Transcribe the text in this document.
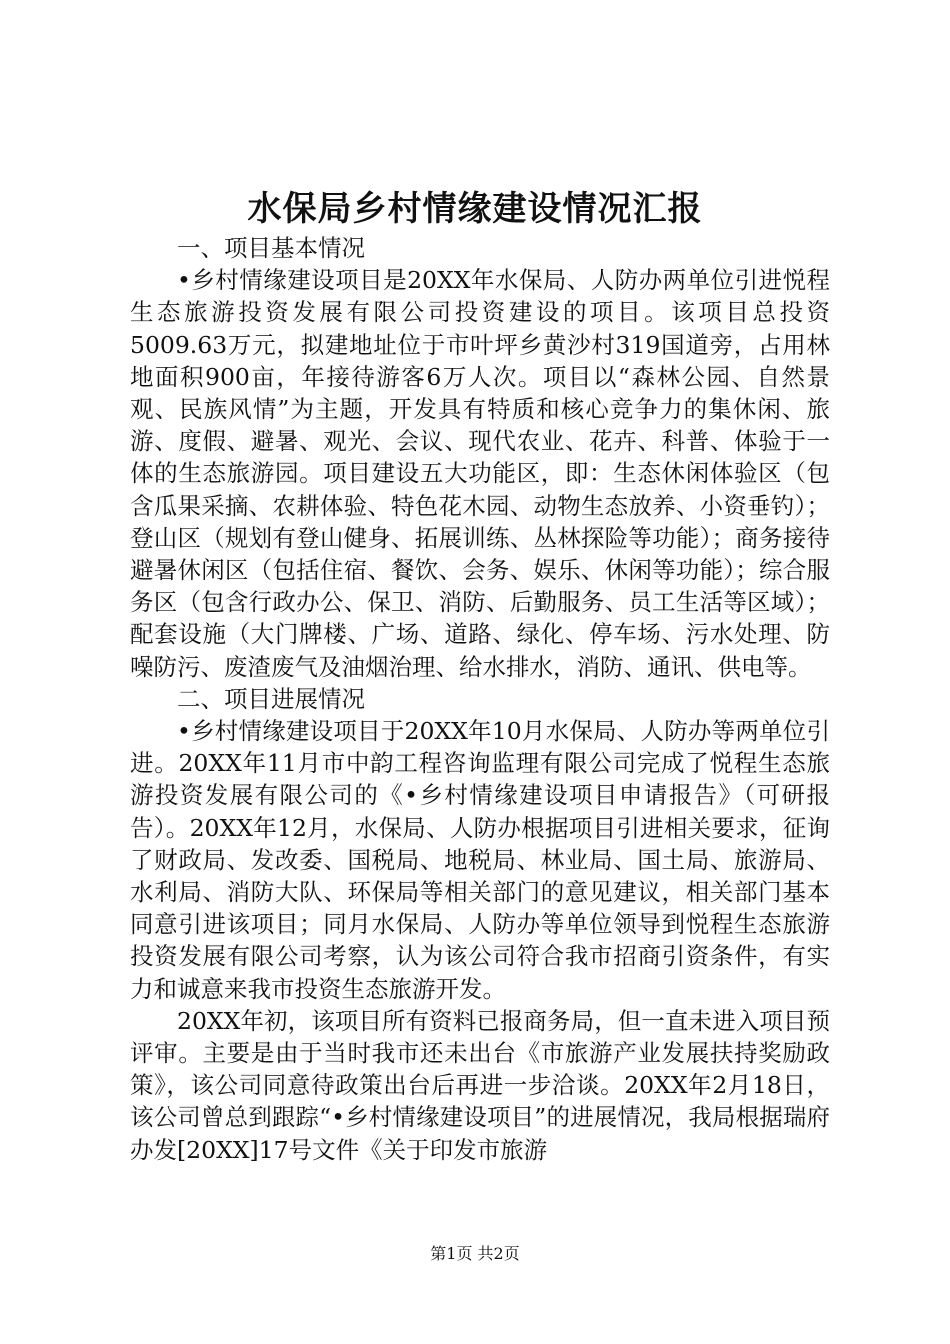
水保局乡村情缘建设情况汇报

一、项目基本情况

•乡村情缘建设项目是20XX年水保局、人防办两单位引进悦程生态旅游投资发展有限公司投资建设的项目。该项目总投资5009.63万元，拟建地址位于市叶坪乡黄沙村319国道旁，占用林地面积900亩，年接待游客6万人次。项目以“森林公园、自然景观、民族风情”为主题，开发具有特质和核心竞争力的集休闲、旅游、度假、避暑、观光、会议、现代农业、花卉、科普、体验于一体的生态旅游园。项目建设五大功能区，即：生态休闲体验区（包含瓜果采摘、农耕体验、特色花木园、动物生态放养、小资垂钓）；登山区（规划有登山健身、拓展训练、丛林探险等功能）；商务接待避暑休闲区（包括住宿、餐饮、会务、娱乐、休闲等功能）；综合服务区（包含行政办公、保卫、消防、后勤服务、员工生活等区域）；配套设施（大门牌楼、广场、道路、绿化、停车场、污水处理、防噪防污、废渣废气及油烟治理、给水排水，消防、通讯、供电等。

二、项目进展情况

•乡村情缘建设项目于20XX年10月水保局、人防办等两单位引进。20XX年11月市中韵工程咨询监理有限公司完成了悦程生态旅游投资发展有限公司的《•乡村情缘建设项目申请报告》（可研报告）。20XX年12月，水保局、人防办根据项目引进相关要求，征询了财政局、发改委、国税局、地税局、林业局、国土局、旅游局、水利局、消防大队、环保局等相关部门的意见建议，相关部门基本同意引进该项目；同月水保局、人防办等单位领导到悦程生态旅游投资发展有限公司考察，认为该公司符合我市招商引资条件，有实力和诚意来我市投资生态旅游开发。

20XX年初，该项目所有资料已报商务局，但一直未进入项目预评审。主要是由于当时我市还未出台《市旅游产业发展扶持奖励政策》，该公司同意待政策出台后再进一步洽谈。20XX年2月18日，该公司曾总到跟踪“•乡村情缘建设项目”的进展情况，我局根据瑞府办发[20XX]17号文件《关于印发市旅游

第1页 共2页
